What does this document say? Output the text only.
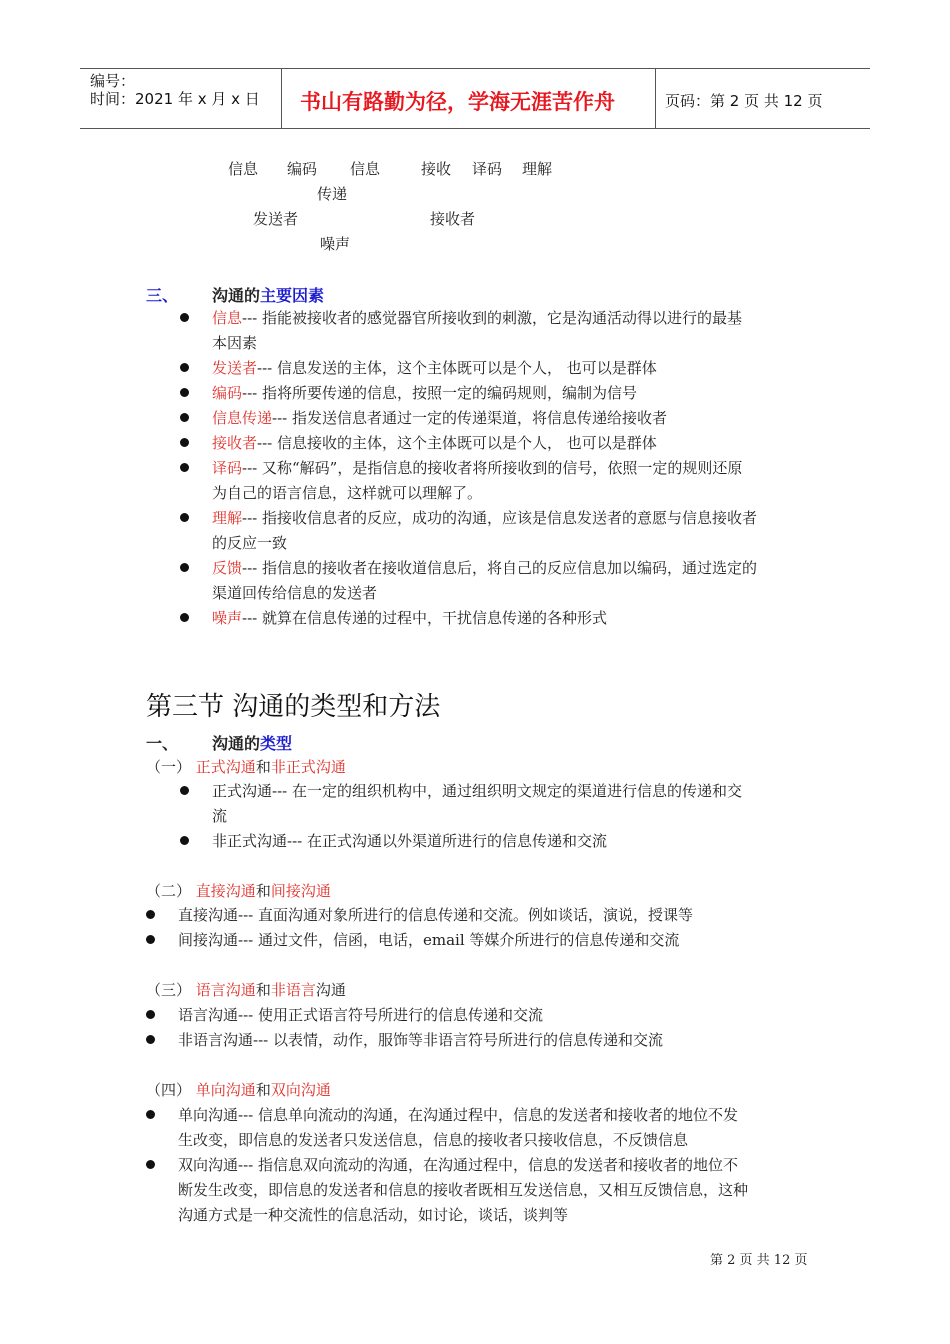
编号：
时间：2021 年 x 月 x 日 书山有路勤为径，学海无涯苦作舟	页码：第 2 页 共 12 页
信息 编码 信息	接收 译码 理解
传递
发送者	接收者
噪声
三、 沟通的主要因素
信息--- 指能被接收者的感觉器官所接收到的刺激，它是沟通活动得以进行的最基
本因素
发送者--- 信息发送的主体，这个主体既可以是个人， 也可以是群体
编码--- 指将所要传递的信息，按照一定的编码规则，编制为信号
信息传递--- 指发送信息者通过一定的传递渠道，将信息传递给接收者
接收者--- 信息接收的主体，这个主体既可以是个人， 也可以是群体
译码--- 又称“解码”，是指信息的接收者将所接收到的信号，依照一定的规则还原
为自己的语言信息，这样就可以理解了。
理解--- 指接收信息者的反应，成功的沟通，应该是信息发送者的意愿与信息接收者
的反应一致
反馈--- 指信息的接收者在接收道信息后，将自己的反应信息加以编码，通过选定的
渠道回传给信息的发送者
噪声--- 就算在信息传递的过程中，干扰信息传递的各种形式
第三节 沟通的类型和方法
一、 沟通的类型
（一） 正式沟通和非正式沟通
正式沟通--- 在一定的组织机构中，通过组织明文规定的渠道进行信息的传递和交
流
非正式沟通--- 在正式沟通以外渠道所进行的信息传递和交流
（二） 直接沟通和间接沟通
直接沟通--- 直面沟通对象所进行的信息传递和交流。例如谈话，演说，授课等
间接沟通--- 通过文件，信函，电话，email 等媒介所进行的信息传递和交流
（三） 语言沟通和非语言沟通
语言沟通--- 使用正式语言符号所进行的信息传递和交流
非语言沟通--- 以表情，动作，服饰等非语言符号所进行的信息传递和交流
（四） 单向沟通和双向沟通
单向沟通--- 信息单向流动的沟通，在沟通过程中，信息的发送者和接收者的地位不发
生改变，即信息的发送者只发送信息，信息的接收者只接收信息，不反馈信息
双向沟通--- 指信息双向流动的沟通，在沟通过程中，信息的发送者和接收者的地位不
断发生改变，即信息的发送者和信息的接收者既相互发送信息，又相互反馈信息，这种
沟通方式是一种交流性的信息活动，如讨论，谈话，谈判等
第 2 页 共 12 页
